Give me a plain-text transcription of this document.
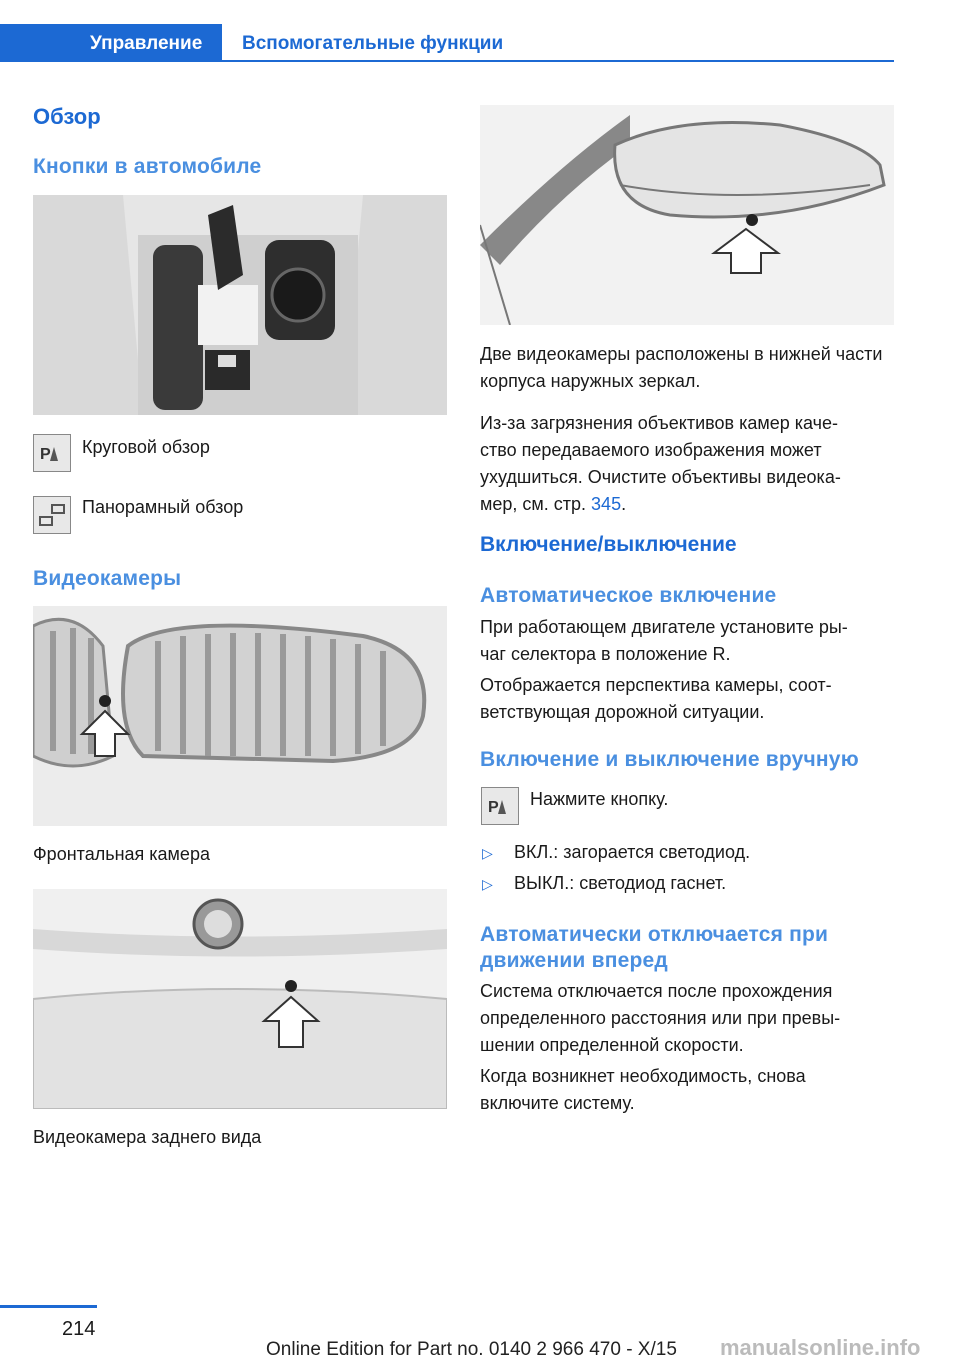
Управление	Вспомогательные функции
Обзор
Кнопки в автомобиле
P Круговой обзор
Панорамный обзор
Видеокамеры
Фронтальная камера
Видеокамера заднего вида
Две видеокамеры расположены в нижней части корпуса наружных зеркал.
Из-за загрязнения объективов камер каче-
ство передаваемого изображения может
ухудшиться. Очистите объективы видеока-
мер, см. стр. 345.
Включение/выключение
Автоматическое включение
При работающем двигателе установите ры-
чаг селектора в положение R.
Отображается перспектива камеры, соот-
ветствующая дорожной ситуации.
Включение и выключение вручную
P Нажмите кнопку.
▷ ВКЛ.: загорается светодиод.
▷ ВЫКЛ.: светодиод гаснет.
Автоматически отключается при
движении вперед
Система отключается после прохождения
определенного расстояния или при превы-
шении определенной скорости.
Когда возникнет необходимость, снова
включите систему.
214
Online Edition for Part no. 0140 2 966 470 - X/15 manualsonline.info
